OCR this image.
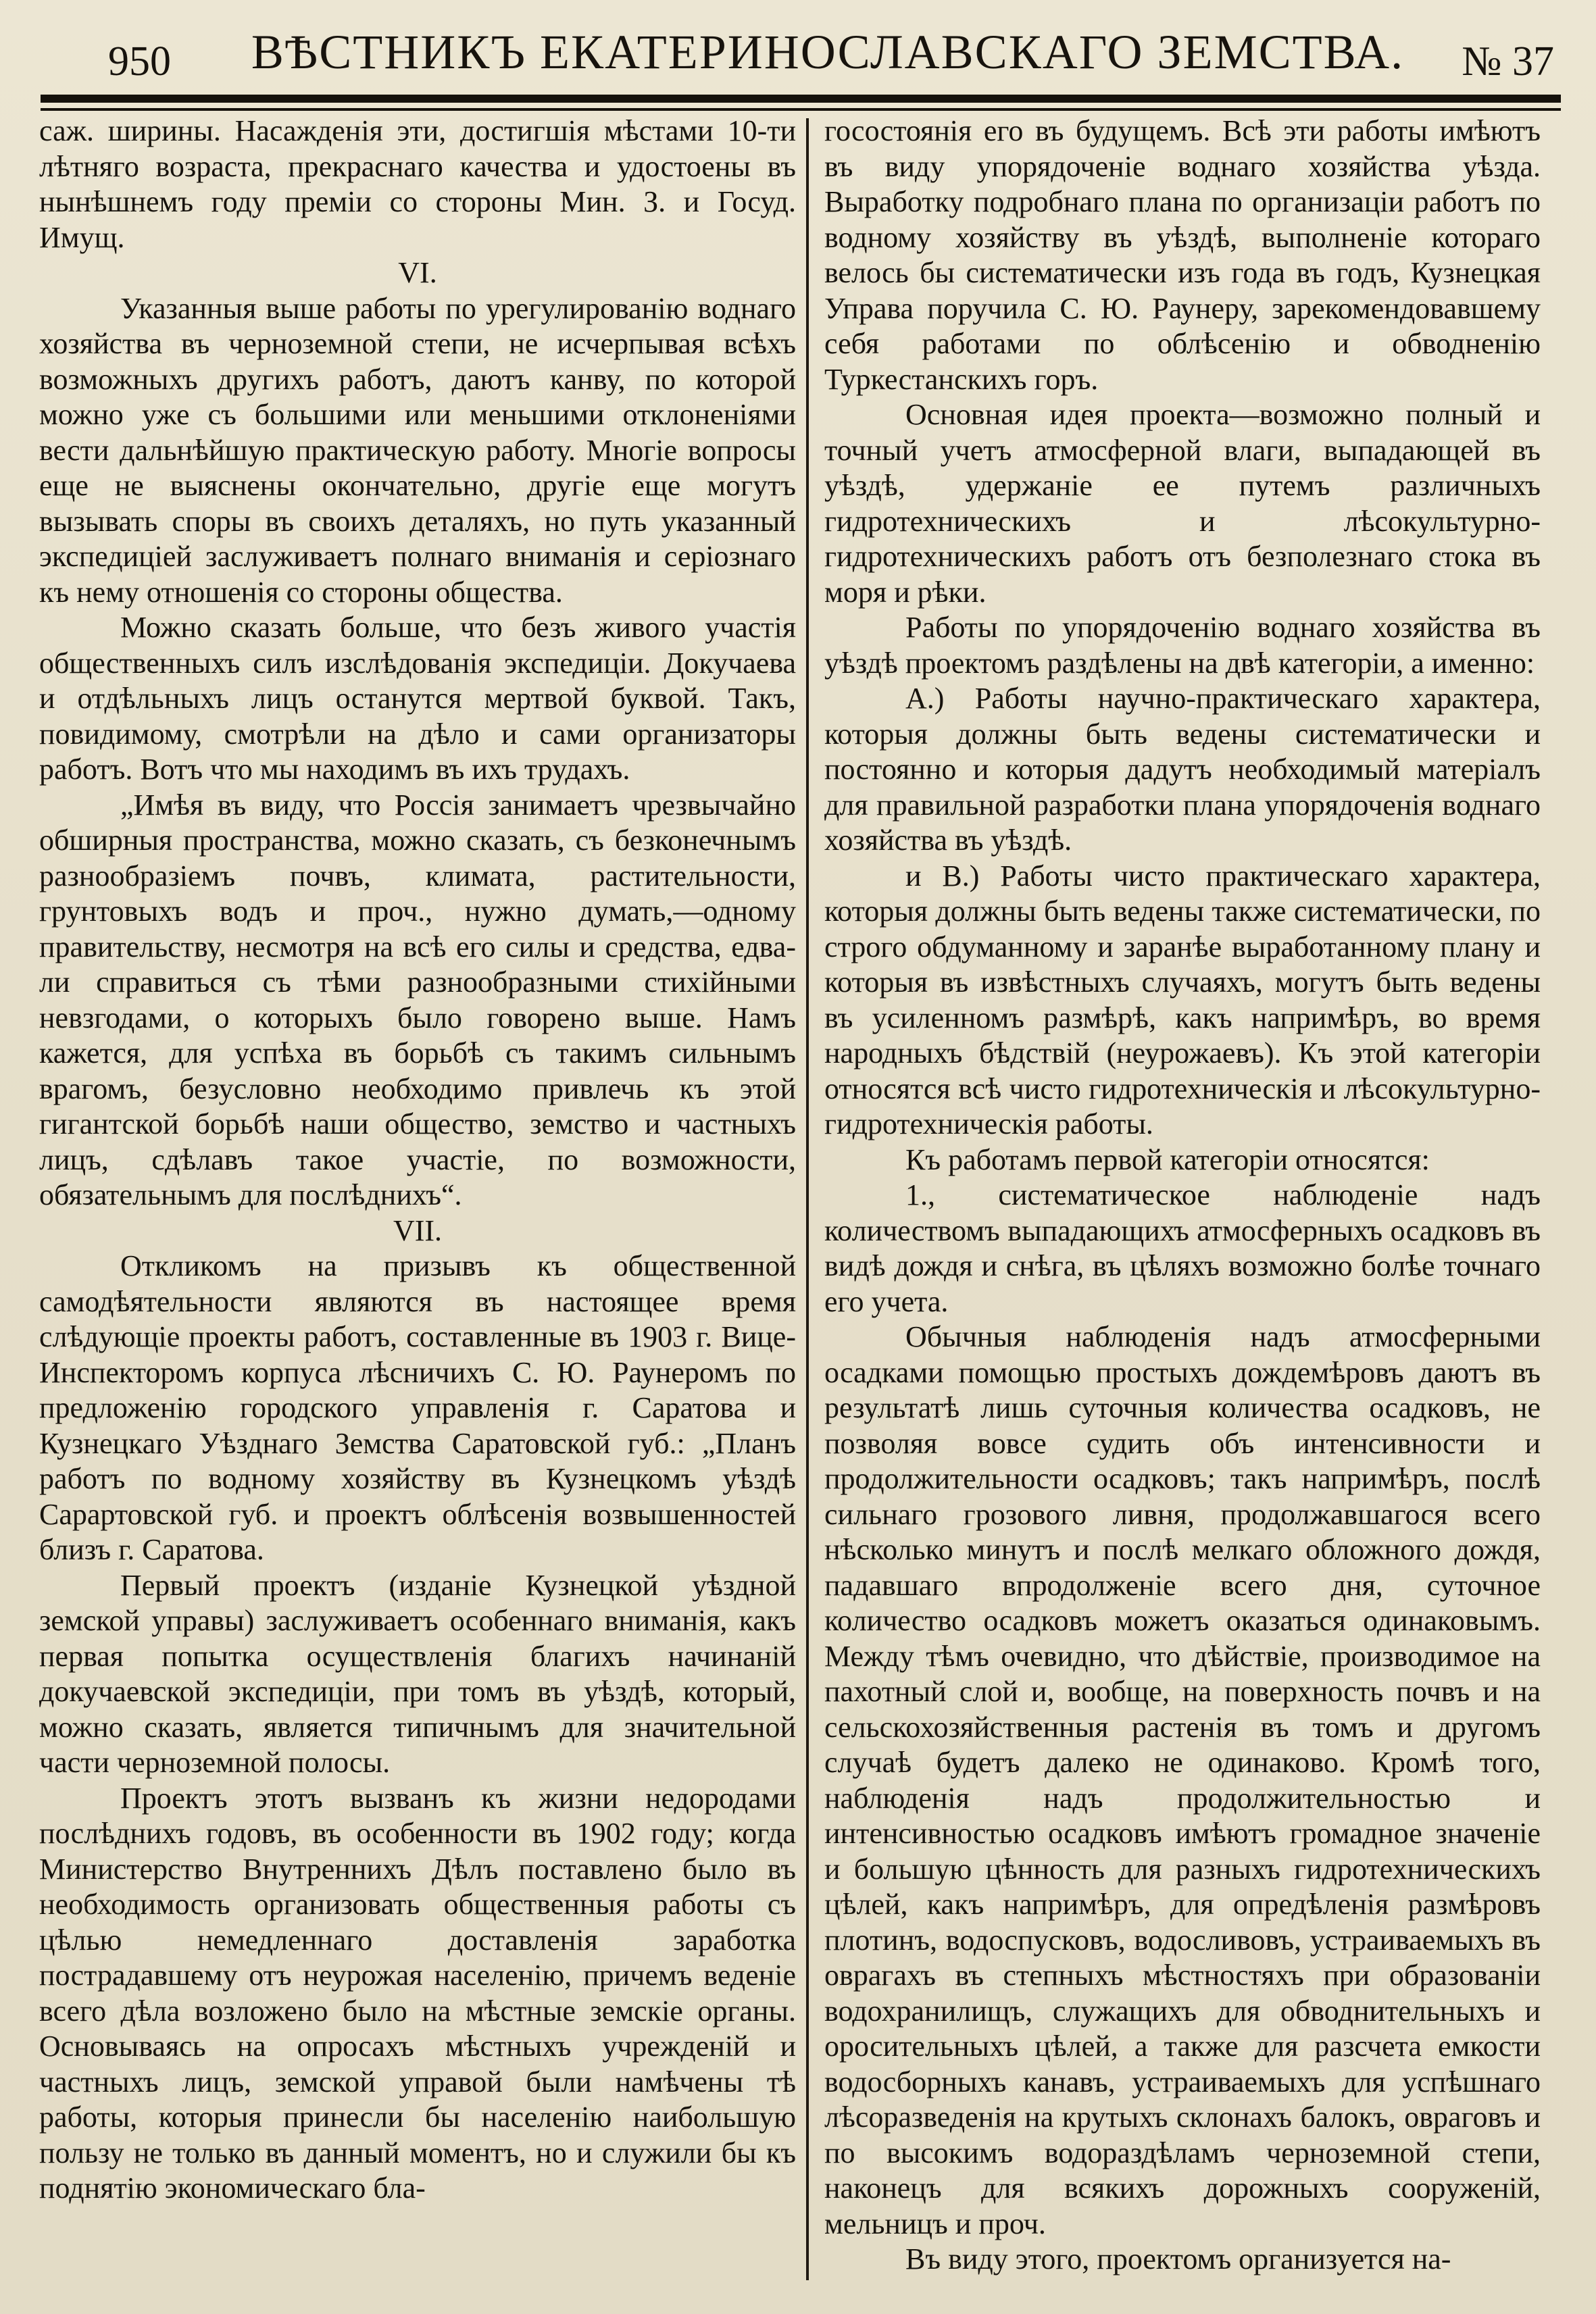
950	ВѢСТНИКЪ ЕКАТЕРИНОСЛАВСКАГО ЗЕМСТВА.	№ 37

саж. ширины. Насажденія эти, достигшія мѣстами 10-ти лѣтняго возраста, прекраснаго качества и удостоены въ нынѣшнемъ году преміи со стороны Мин. З. и Госуд. Имущ.

VI.

Указанныя выше работы по урегулированію воднаго хозяйства въ черноземной степи, не исчерпывая всѣхъ возможныхъ другихъ работъ, даютъ канву, по которой можно уже съ большими или меньшими отклоненіями вести дальнѣйшую практическую работу. Многіе вопросы еще не выяснены окончательно, другіе еще могутъ вызывать споры въ своихъ деталяхъ, но путь указанный экспедиціей заслуживаетъ полнаго вниманія и серіознаго къ нему отношенія со стороны общества.

Можно сказать больше, что безъ живого участія общественныхъ силъ изслѣдованія экспедиціи. Докучаева и отдѣльныхъ лицъ останутся мертвой буквой. Такъ, повидимому, смотрѣли на дѣло и сами организаторы работъ. Вотъ что мы находимъ въ ихъ трудахъ.

„Имѣя въ виду, что Россія занимаетъ чрезвычайно обширныя пространства, можно сказать, съ безконечнымъ разнообразіемъ почвъ, климата, растительности, грунтовыхъ водъ и проч., нужно думать,—одному правительству, несмотря на всѣ его силы и средства, едва-ли справиться съ тѣми разнообразными стихійными невзгодами, о которыхъ было говорено выше. Намъ кажется, для успѣха въ борьбѣ съ такимъ сильнымъ врагомъ, безусловно необходимо привлечь къ этой гигантской борьбѣ наши общество, земство и частныхъ лицъ, сдѣлавъ такое участіе, по возможности, обязательнымъ для послѣднихъ“.

VII.

Откликомъ на призывъ къ общественной самодѣятельности являются въ настоящее время слѣдующіе проекты работъ, составленные въ 1903 г. Вице-Инспекторомъ корпуса лѣсничихъ С. Ю. Раунеромъ по предложенію городского управленія г. Саратова и Кузнецкаго Уѣзднаго Земства Саратовской губ.: „Планъ работъ по водному хозяйству въ Кузнецкомъ уѣздѣ Сарартовской губ. и проектъ облѣсенія возвышенностей близъ г. Саратова.

Первый проектъ (изданіе Кузнецкой уѣздной земской управы) заслуживаетъ особеннаго вниманія, какъ первая попытка осуществленія благихъ начинаній докучаевской экспедиціи, при томъ въ уѣздѣ, который, можно сказать, является типичнымъ для значительной части черноземной полосы.

Проектъ этотъ вызванъ къ жизни недородами послѣднихъ годовъ, въ особенности въ 1902 году; когда Министерство Внутреннихъ Дѣлъ поставлено было въ необходимость организовать общественныя работы съ цѣлью немедленнаго доставленія заработка пострадавшему отъ неурожая населенію, причемъ веденіе всего дѣла возложено было на мѣстные земскіе органы. Основываясь на опросахъ мѣстныхъ учрежденій и частныхъ лицъ, земской управой были намѣчены тѣ работы, которыя принесли бы населенію наибольшую пользу не только въ данный моментъ, но и служили бы къ поднятію экономическаго бла-

госостоянія его въ будущемъ. Всѣ эти работы имѣютъ въ виду упорядоченіе воднаго хозяйства уѣзда. Выработку подробнаго плана по организаціи работъ по водному хозяйству въ уѣздѣ, выполненіе котораго велось бы систематически изъ года въ годъ, Кузнецкая Управа поручила С. Ю. Раунеру, зарекомендовавшему себя работами по облѣсенію и обводненію Туркестанскихъ горъ.

Основная идея проекта—возможно полный и точный учетъ атмосферной влаги, выпадающей въ уѣздѣ, удержаніе ее путемъ различныхъ гидротехническихъ и лѣсокультурно-гидротехническихъ работъ отъ безполезнаго стока въ моря и рѣки.

Работы по упорядоченію воднаго хозяйства въ уѣздѣ проектомъ раздѣлены на двѣ категоріи, а именно:

A.) Работы научно-практическаго характера, которыя должны быть ведены систематически и постоянно и которыя дадутъ необходимый матеріалъ для правильной разработки плана упорядоченія воднаго хозяйства въ уѣздѣ.

и B.) Работы чисто практическаго характера, которыя должны быть ведены также систематически, по строго обдуманному и заранѣе выработанному плану и которыя въ извѣстныхъ случаяхъ, могутъ быть ведены въ усиленномъ размѣрѣ, какъ напримѣръ, во время народныхъ бѣдствій (неурожаевъ). Къ этой категоріи относятся всѣ чисто гидротехническія и лѣсокультурно-гидротехническія работы.

Къ работамъ первой категоріи относятся:

1., систематическое наблюденіе надъ количествомъ выпадающихъ атмосферныхъ осадковъ въ видѣ дождя и снѣга, въ цѣляхъ возможно болѣе точнаго его учета.

Обычныя наблюденія надъ атмосферными осадками помощью простыхъ дождемѣровъ даютъ въ результатѣ лишь суточныя количества осадковъ, не позволяя вовсе судить объ интенсивности и продолжительности осадковъ; такъ напримѣръ, послѣ сильнаго грозового ливня, продолжавшагося всего нѣсколько минутъ и послѣ мелкаго обложного дождя, падавшаго впродолженіе всего дня, суточное количество осадковъ можетъ оказаться одинаковымъ. Между тѣмъ очевидно, что дѣйствіе, производимое на пахотный слой и, вообще, на поверхность почвъ и на сельскохозяйственныя растенія въ томъ и другомъ случаѣ будетъ далеко не одинаково. Кромѣ того, наблюденія надъ продолжительностью и интенсивностью осадковъ имѣютъ громадное значеніе и большую цѣнность для разныхъ гидротехническихъ цѣлей, какъ напримѣръ, для опредѣленія размѣровъ плотинъ, водоспусковъ, водосливовъ, устраиваемыхъ въ оврагахъ въ степныхъ мѣстностяхъ при образованіи водохранилищъ, служащихъ для обводнительныхъ и оросительныхъ цѣлей, а также для разсчета емкости водосборныхъ канавъ, устраиваемыхъ для успѣшнаго лѣсоразведенія на крутыхъ склонахъ балокъ, овраговъ и по высокимъ водораздѣламъ черноземной степи, наконецъ для всякихъ дорожныхъ сооруженій, мельницъ и проч.

Въ виду этого, проектомъ организуется на-
